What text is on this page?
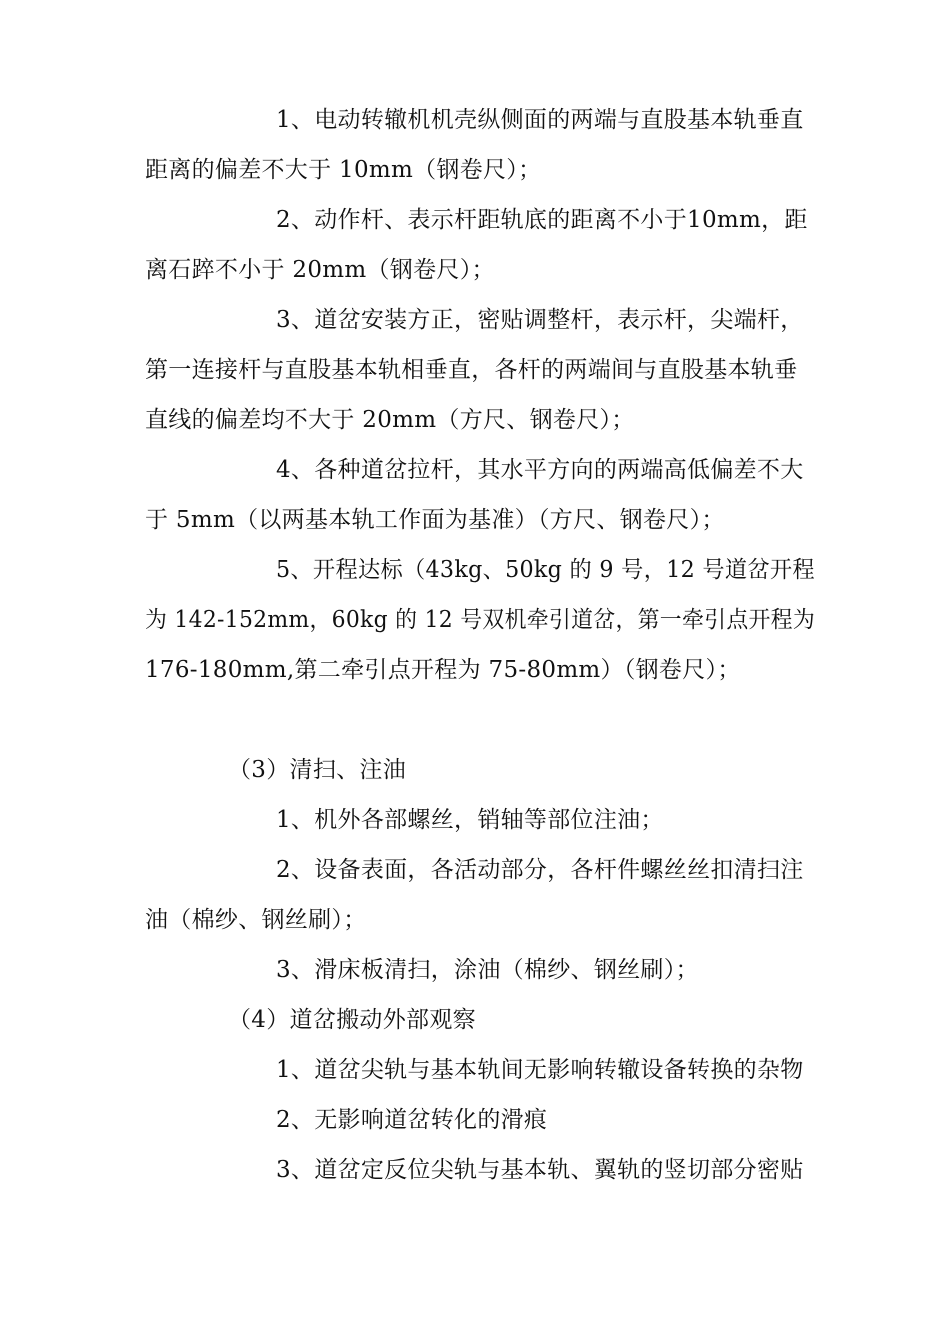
1、电动转辙机机壳纵侧面的两端与直股基本轨垂直
距离的偏差不大于 10mm（钢卷尺）；
2、动作杆、表示杆距轨底的距离不小于10mm，距
离石踤不小于 20mm（钢卷尺）；
3、道岔安装方正，密贴调整杆，表示杆，尖端杆，
第一连接杆与直股基本轨相垂直，各杆的两端间与直股基本轨垂
直线的偏差均不大于 20mm（方尺、钢卷尺）；
4、各种道岔拉杆，其水平方向的两端高低偏差不大
于 5mm（以两基本轨工作面为基准）（方尺、钢卷尺）；
5、开程达标（43kg、50kg 的 9 号，12 号道岔开程
为 142-152mm，60kg 的 12 号双机牵引道岔，第一牵引点开程为
176-180mm,第二牵引点开程为 75-80mm）（钢卷尺）；
（3）清扫、注油
1、机外各部螺丝，销轴等部位注油；
2、设备表面，各活动部分，各杆件螺丝丝扣清扫注
油（棉纱、钢丝刷）；
3、滑床板清扫，涂油（棉纱、钢丝刷）；
（4）道岔搬动外部观察
1、道岔尖轨与基本轨间无影响转辙设备转换的杂物
2、无影响道岔转化的滑痕
3、道岔定反位尖轨与基本轨、翼轨的竖切部分密贴
